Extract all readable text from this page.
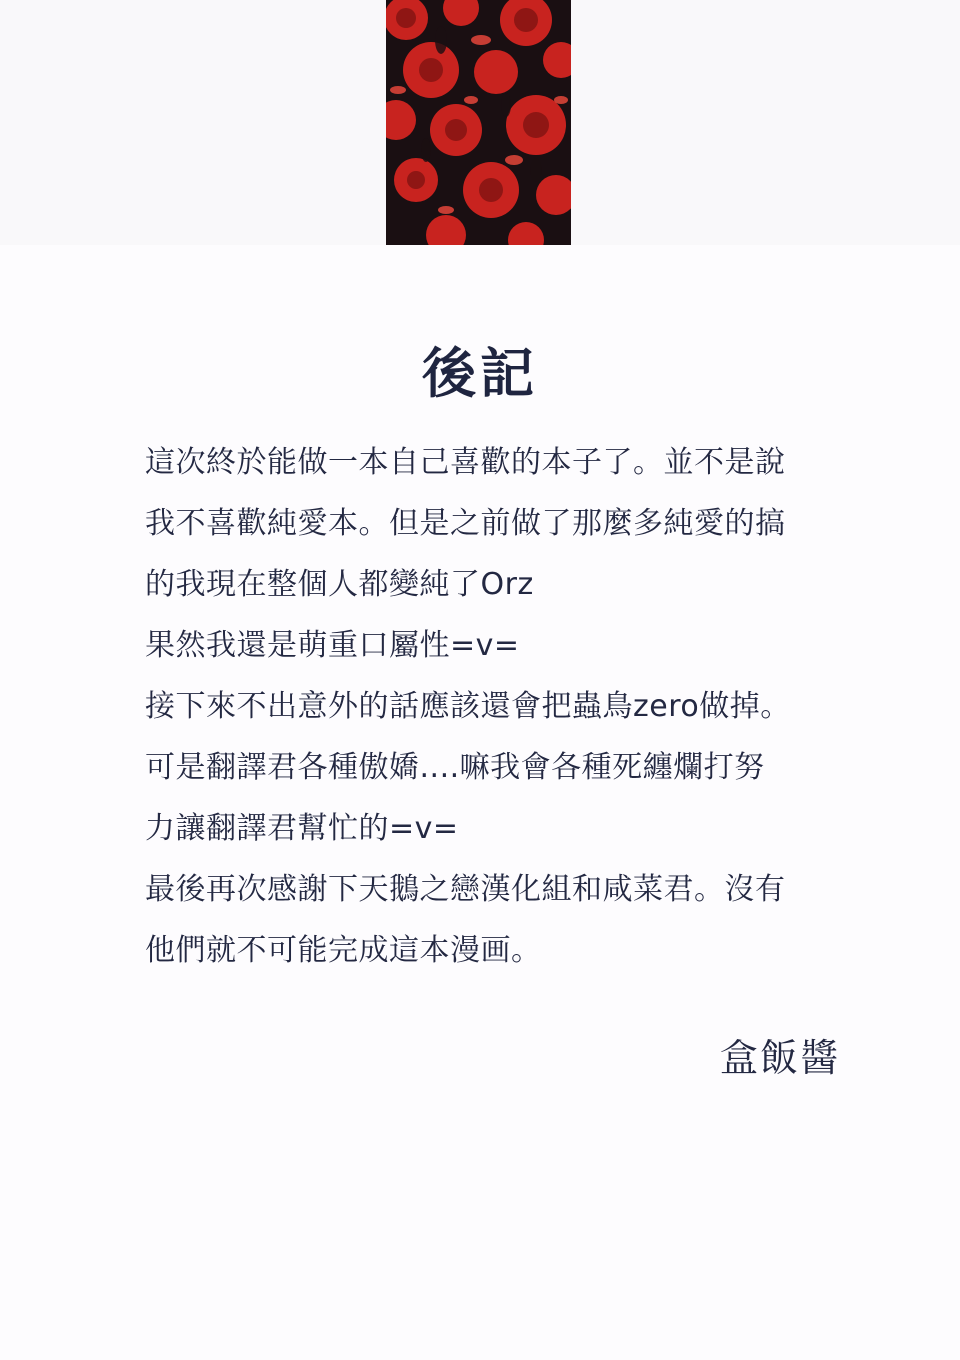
後記
這次終於能做一本自己喜歡的本子了。並不是說
我不喜歡純愛本。但是之前做了那麼多純愛的搞
的我現在整個人都變純了Orz
果然我還是萌重口屬性=v=
接下來不出意外的話應該還會把蟲鳥zero做掉。
可是翻譯君各種傲嬌....嘛我會各種死纏爛打努
力讓翻譯君幫忙的=v=
最後再次感謝下天鵝之戀漢化組和咸菜君。沒有
他們就不可能完成這本漫画。
盒飯醬
